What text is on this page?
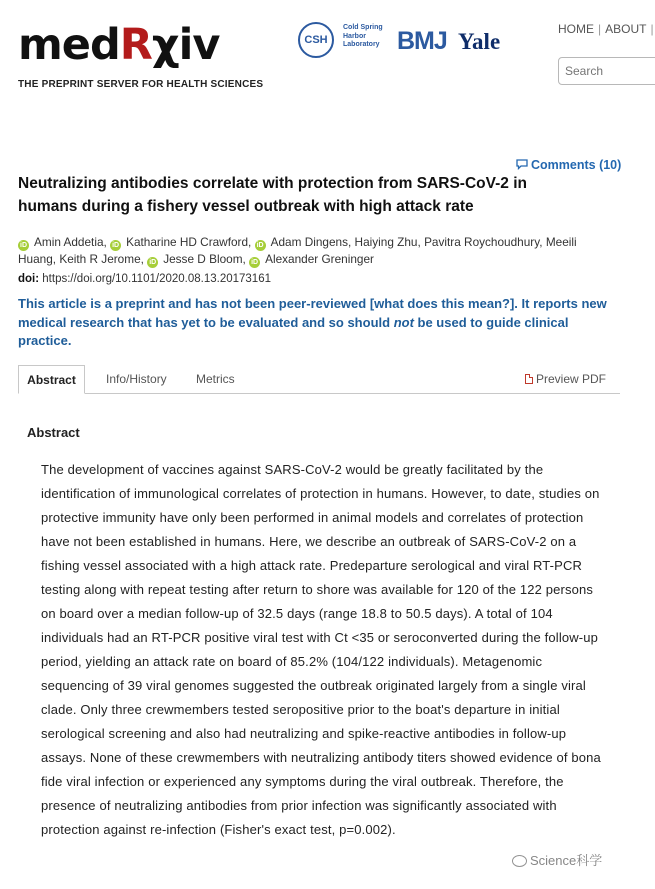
medRχiv
THE PREPRINT SERVER FOR HEALTH SCIENCES
CSH
Cold Spring Harbor Laboratory BMJ Yale	HOME | ABOUT |
Search
Comments (10)
Neutralizing antibodies correlate with protection from SARS-CoV-2 in humans during a fishery vessel outbreak with high attack rate
iD Amin Addetia, iD Katharine HD Crawford, iD Adam Dingens, Haiying Zhu, Pavitra Roychoudhury, Meeili Huang, Keith R Jerome, iD Jesse D Bloom, iD Alexander Greninger
doi: https://doi.org/10.1101/2020.08.13.20173161
This article is a preprint and has not been peer-reviewed [what does this mean?]. It reports new medical research that has yet to be evaluated and so should not be used to guide clinical practice.
Abstract	Info/History Metrics	Preview PDF
Abstract
The development of vaccines against SARS-CoV-2 would be greatly facilitated by the identification of immunological correlates of protection in humans. However, to date, studies on protective immunity have only been performed in animal models and correlates of protection have not been established in humans. Here, we describe an outbreak of SARS-CoV-2 on a fishing vessel associated with a high attack rate. Predeparture serological and viral RT-PCR testing along with repeat testing after return to shore was available for 120 of the 122 persons on board over a median follow-up of 32.5 days (range 18.8 to 50.5 days). A total of 104 individuals had an RT-PCR positive viral test with Ct <35 or seroconverted during the follow-up period, yielding an attack rate on board of 85.2% (104/122 individuals). Metagenomic sequencing of 39 viral genomes suggested the outbreak originated largely from a single viral clade. Only three crewmembers tested seropositive prior to the boat's departure in initial serological screening and also had neutralizing and spike-reactive antibodies in follow-up assays. None of these crewmembers with neutralizing antibody titers showed evidence of bona fide viral infection or experienced any symptoms during the viral outbreak. Therefore, the presence of neutralizing antibodies from prior infection was significantly associated with protection against re-infection (Fisher's exact test, p=0.002).
Science科学
